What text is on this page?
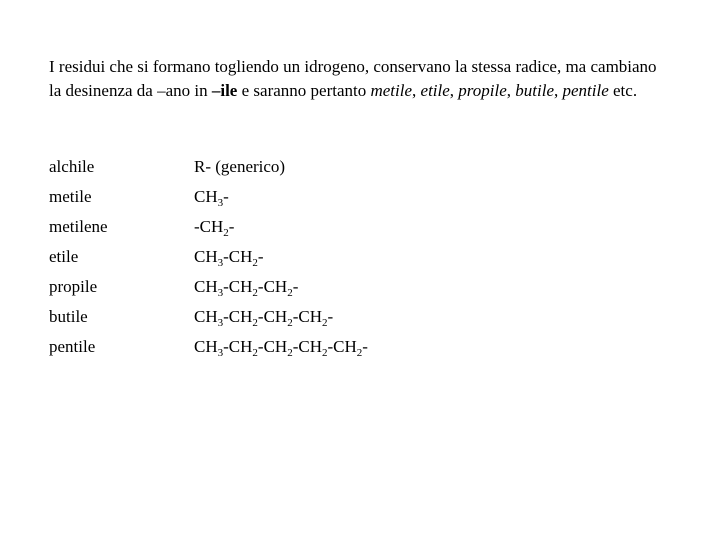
I residui che si formano togliendo un idrogeno, conservano la stessa radice, ma cambiano la desinenza da –ano in –ile e saranno pertanto metile, etile, propile, butile, pentile etc.

alchile	R- (generico)
metile	$CH_3-$
metilene	$-CH_2-$
etile	$CH_3-CH_2-$
propile	$CH_3-CH_2-CH_2-$
butile	$CH_3-CH_2-CH_2-CH_2-$
pentile	$CH_3-CH_2-CH_2-CH_2-CH_2-$
